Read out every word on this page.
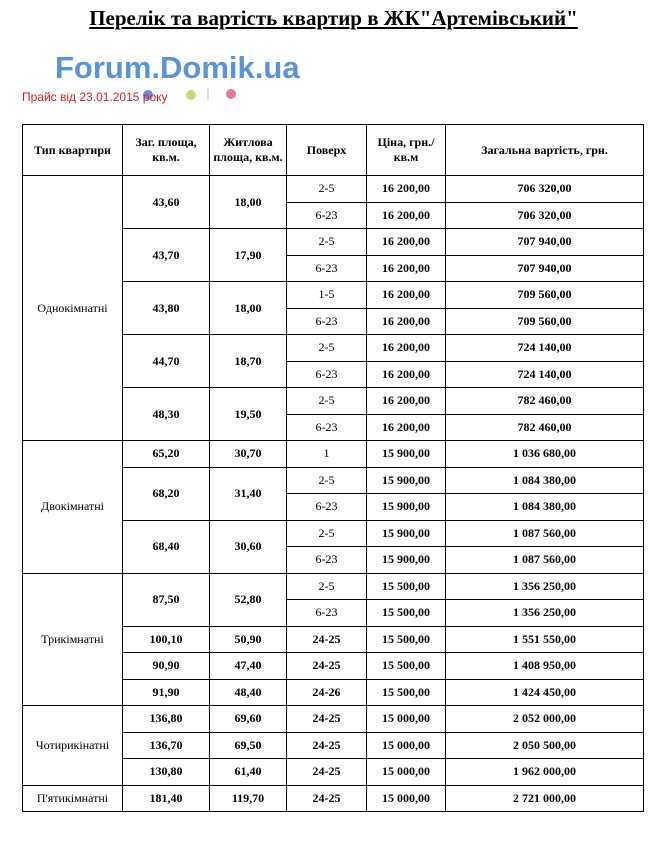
Перелік та вартість квартир в ЖК"Артемівський"
Forum.Domik.ua
Прайс від 23.01.2015 року
Тип квартири	Заг. площа, кв.м.	Житлова площа, кв.м.	Поверх	Ціна, грн./кв.м	Загальна вартість, грн.
Однокімнатні	43,60	18,00	2-5	16 200,00	706 320,00
			6-23	16 200,00	706 320,00
	43,70	17,90	2-5	16 200,00	707 940,00
			6-23	16 200,00	707 940,00
	43,80	18,00	1-5	16 200,00	709 560,00
			6-23	16 200,00	709 560,00
	44,70	18,70	2-5	16 200,00	724 140,00
			6-23	16 200,00	724 140,00
	48,30	19,50	2-5	16 200,00	782 460,00
			6-23	16 200,00	782 460,00
Двокімнатні	65,20	30,70	1	15 900,00	1 036 680,00
	68,20	31,40	2-5	15 900,00	1 084 380,00
			6-23	15 900,00	1 084 380,00
	68,40	30,60	2-5	15 900,00	1 087 560,00
			6-23	15 900,00	1 087 560,00
Трикімнатні	87,50	52,80	2-5	15 500,00	1 356 250,00
			6-23	15 500,00	1 356 250,00
	100,10	50,90	24-25	15 500,00	1 551 550,00
	90,90	47,40	24-25	15 500,00	1 408 950,00
	91,90	48,40	24-26	15 500,00	1 424 450,00
Чотирикінатні	136,80	69,60	24-25	15 000,00	2 052 000,00
	136,70	69,50	24-25	15 000,00	2 050 500,00
	130,80	61,40	24-25	15 000,00	1 962 000,00
П'ятикімнатні	181,40	119,70	24-25	15 000,00	2 721 000,00
